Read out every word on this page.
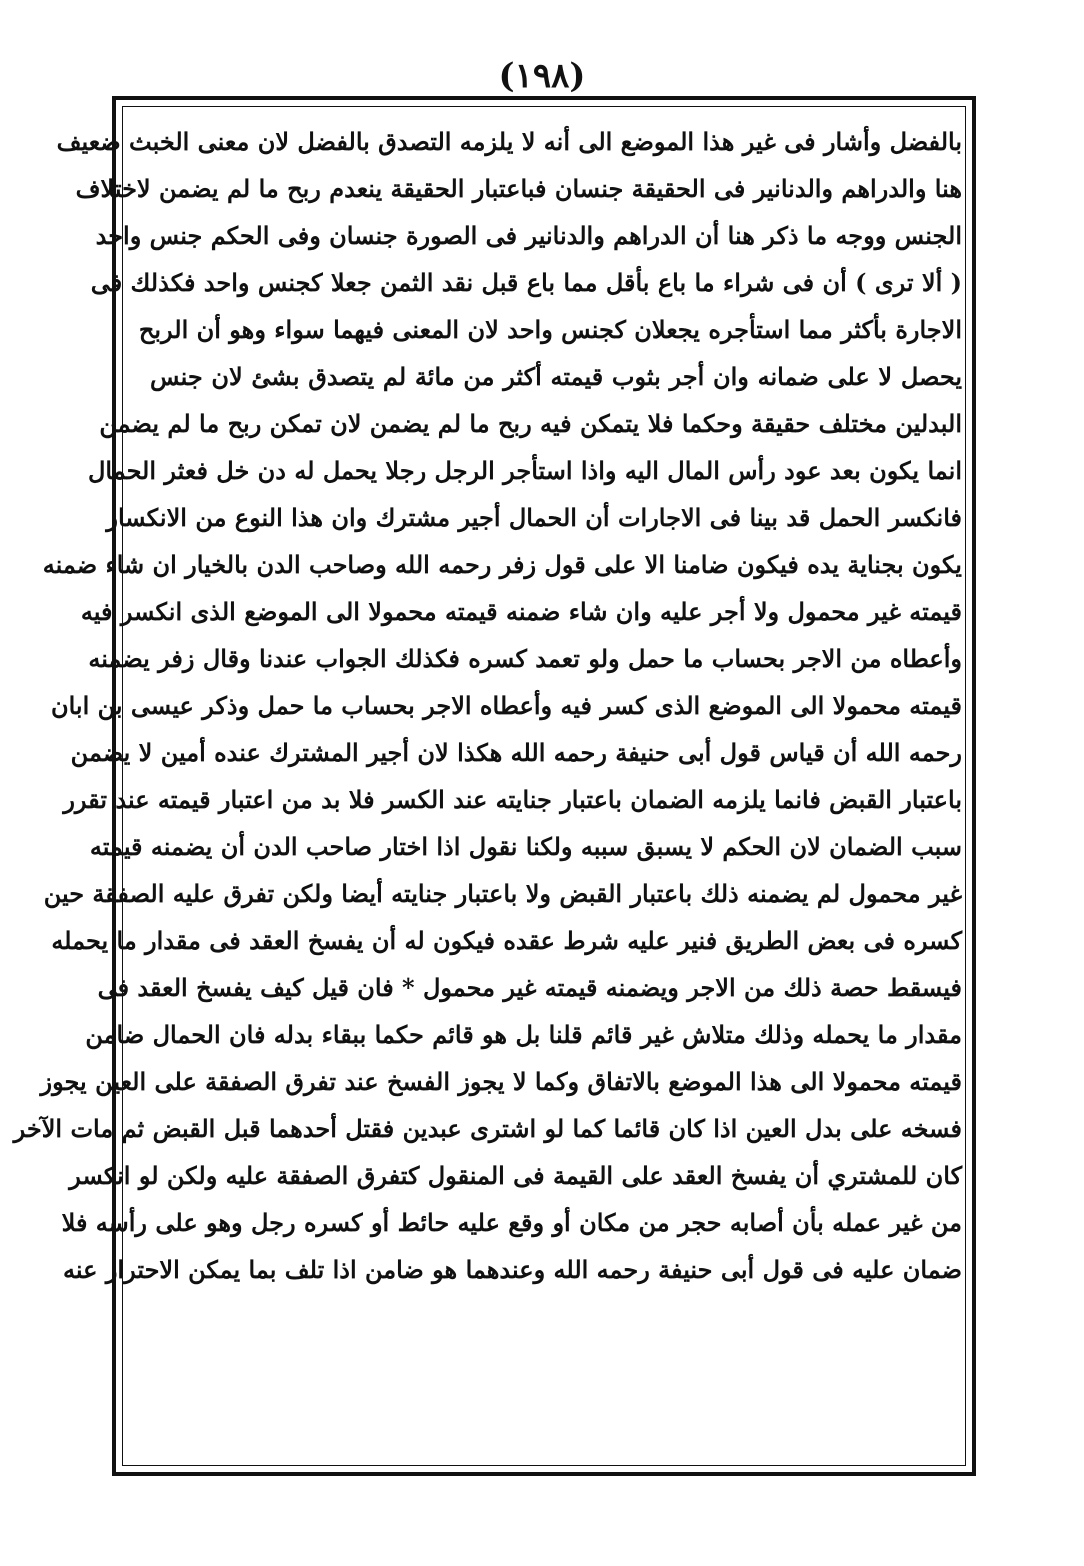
(١٩٨)
بالفضل وأشار فى غير هذا الموضع الى أنه لا يلزمه التصدق بالفضل لان معنى الخبث ضعيف
هنا والدراهم والدنانير فى الحقيقة جنسان فباعتبار الحقيقة ينعدم ربح ما لم يضمن لاختلاف
الجنس ووجه ما ذكر هنا أن الدراهم والدنانير فى الصورة جنسان وفى الحكم جنس واحد
( ألا ترى ) أن فى شراء ما باع بأقل مما باع قبل نقد الثمن جعلا كجنس واحد فكذلك فى
الاجارة بأكثر مما استأجره يجعلان كجنس واحد لان المعنى فيهما سواء وهو أن الربح
يحصل لا على ضمانه وان أجر بثوب قيمته أكثر من مائة لم يتصدق بشئ لان جنس
البدلين مختلف حقيقة وحكما فلا يتمكن فيه ربح ما لم يضمن لان تمكن ربح ما لم يضمن
انما يكون بعد عود رأس المال اليه واذا استأجر الرجل رجلا يحمل له دن خل فعثر الحمال
فانكسر الحمل قد بينا فى الاجارات أن الحمال أجير مشترك وان هذا النوع من الانكسار
يكون بجناية يده فيكون ضامنا الا على قول زفر رحمه الله وصاحب الدن بالخيار ان شاء ضمنه
قيمته غير محمول ولا أجر عليه وان شاء ضمنه قيمته محمولا الى الموضع الذى انكسر فيه
وأعطاه من الاجر بحساب ما حمل ولو تعمد كسره فكذلك الجواب عندنا وقال زفر يضمنه
قيمته محمولا الى الموضع الذى كسر فيه وأعطاه الاجر بحساب ما حمل وذكر عيسى بن ابان
رحمه الله أن قياس قول أبى حنيفة رحمه الله هكذا لان أجير المشترك عنده أمين لا يضمن
باعتبار القبض فانما يلزمه الضمان باعتبار جنايته عند الكسر فلا بد من اعتبار قيمته عند تقرر
سبب الضمان لان الحكم لا يسبق سببه ولكنا نقول اذا اختار صاحب الدن أن يضمنه قيمته
غير محمول لم يضمنه ذلك باعتبار القبض ولا باعتبار جنايته أيضا ولكن تفرق عليه الصفقة حين
كسره فى بعض الطريق فنير عليه شرط عقده فيكون له أن يفسخ العقد فى مقدار ما يحمله
فيسقط حصة ذلك من الاجر ويضمنه قيمته غير محمول * فان قيل كيف يفسخ العقد فى
مقدار ما يحمله وذلك متلاش غير قائم قلنا بل هو قائم حكما ببقاء بدله فان الحمال ضامن
قيمته محمولا الى هذا الموضع بالاتفاق وكما لا يجوز الفسخ عند تفرق الصفقة على العين يجوز
فسخه على بدل العين اذا كان قائما كما لو اشترى عبدين فقتل أحدهما قبل القبض ثم مات الآخر
كان للمشتري أن يفسخ العقد على القيمة فى المنقول كتفرق الصفقة عليه ولكن لو انكسر
من غير عمله بأن أصابه حجر من مكان أو وقع عليه حائط أو كسره رجل وهو على رأسه فلا
ضمان عليه فى قول أبى حنيفة رحمه الله وعندهما هو ضامن اذا تلف بما يمكن الاحتراز عنه
